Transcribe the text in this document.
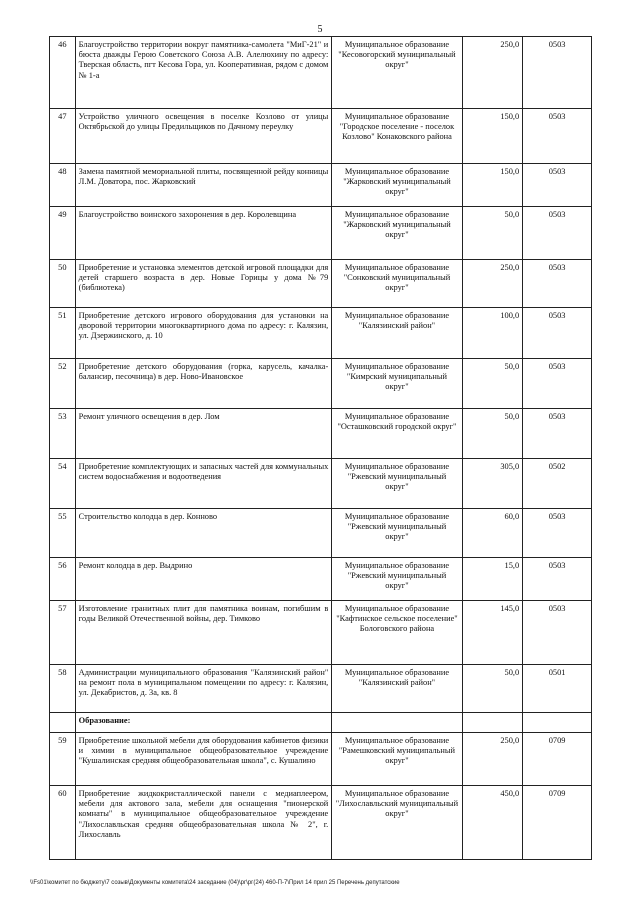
5
46	Благоустройство территории вокруг памятника-самолета "МиГ-21" и бюста дважды Герою Советского Союза А.В. Алелюхину по адресу: Тверская область, пгт Кесова Гора, ул. Кооперативная, рядом с домом № 1-а	Муниципальное образование "Кесовогорский муниципальный округ"	250,0	0503
47	Устройство уличного освещения в поселке Козлово от улицы Октябрьской до улицы Предильщиков по Дачному переулку	Муниципальное образование "Городское поселение - поселок Козлово" Конаковского района	150,0	0503
48	Замена памятной мемориальной плиты, посвященной рейду конницы Л.М. Доватора, пос. Жарковский	Муниципальное образование "Жарковский муниципальный округ"	150,0	0503
49	Благоустройство воинского захоронения в дер. Королевщина	Муниципальное образование "Жарковский муниципальный округ"	50,0	0503
50	Приобретение и установка элементов детской игровой площадки для детей старшего возраста в дер. Новые Горицы у дома №79 (библиотека)	Муниципальное образование "Сонковский муниципальный округ"	250,0	0503
51	Приобретение детского игрового оборудования для установки на дворовой территории многоквартирного дома по адресу: г. Калязин, ул. Дзержинского, д. 10	Муниципальное образование "Калязинский район"	100,0	0503
52	Приобретение детского оборудования (горка, карусель, качалка-балансир, песочница) в дер. Ново-Ивановское	Муниципальное образование "Кимрский муниципальный округ"	50,0	0503
53	Ремонт уличного освещения в дер. Лом	Муниципальное образование "Осташковский городской округ"	50,0	0503
54	Приобретение комплектующих и запасных частей для коммунальных систем водоснабжения и водоотведения	Муниципальное образование "Ржевский муниципальный округ"	305,0	0502
55	Строительство колодца в дер. Конново	Муниципальное образование "Ржевский муниципальный округ"	60,0	0503
56	Ремонт колодца в дер. Выдрино	Муниципальное образование "Ржевский муниципальный округ"	15,0	0503
57	Изготовление гранитных плит для памятника воинам, погибшим в годы Великой Отечественной войны, дер. Тимково	Муниципальное образование "Кафтинское сельское поселение" Бологовского района	145,0	0503
58	Администрации муниципального образования "Калязинский район" на ремонт пола в муниципальном помещении по адресу: г. Калязин, ул. Декабристов, д. 3а, кв. 8	Муниципальное образование "Калязинский район"	50,0	0501
	Образование:			
59	Приобретение школьной мебели для оборудования кабинетов физики и химии в муниципальное общеобразовательное учреждение "Кушалинская средняя общеобразовательная школа", с. Кушалино	Муниципальное образование "Рамешковский муниципальный округ"	250,0	0709
60	Приобретение жидкокристаллической панели с медиаплеером, мебели для актового зала, мебели для оснащения "пионерской комнаты" в муниципальное общеобразовательное учреждение "Лихославльская средняя общеобразовательная школа № 2", г. Лихославль	Муниципальное образование "Лихославльский муниципальный округ"	450,0	0709
\\Fs01\комитет по бюджету\7 созыв\Документы комитета\24 заседание (04)\рг\рг(24) 460-П-7\Прил 14 прил 25 Перечень депутатские
